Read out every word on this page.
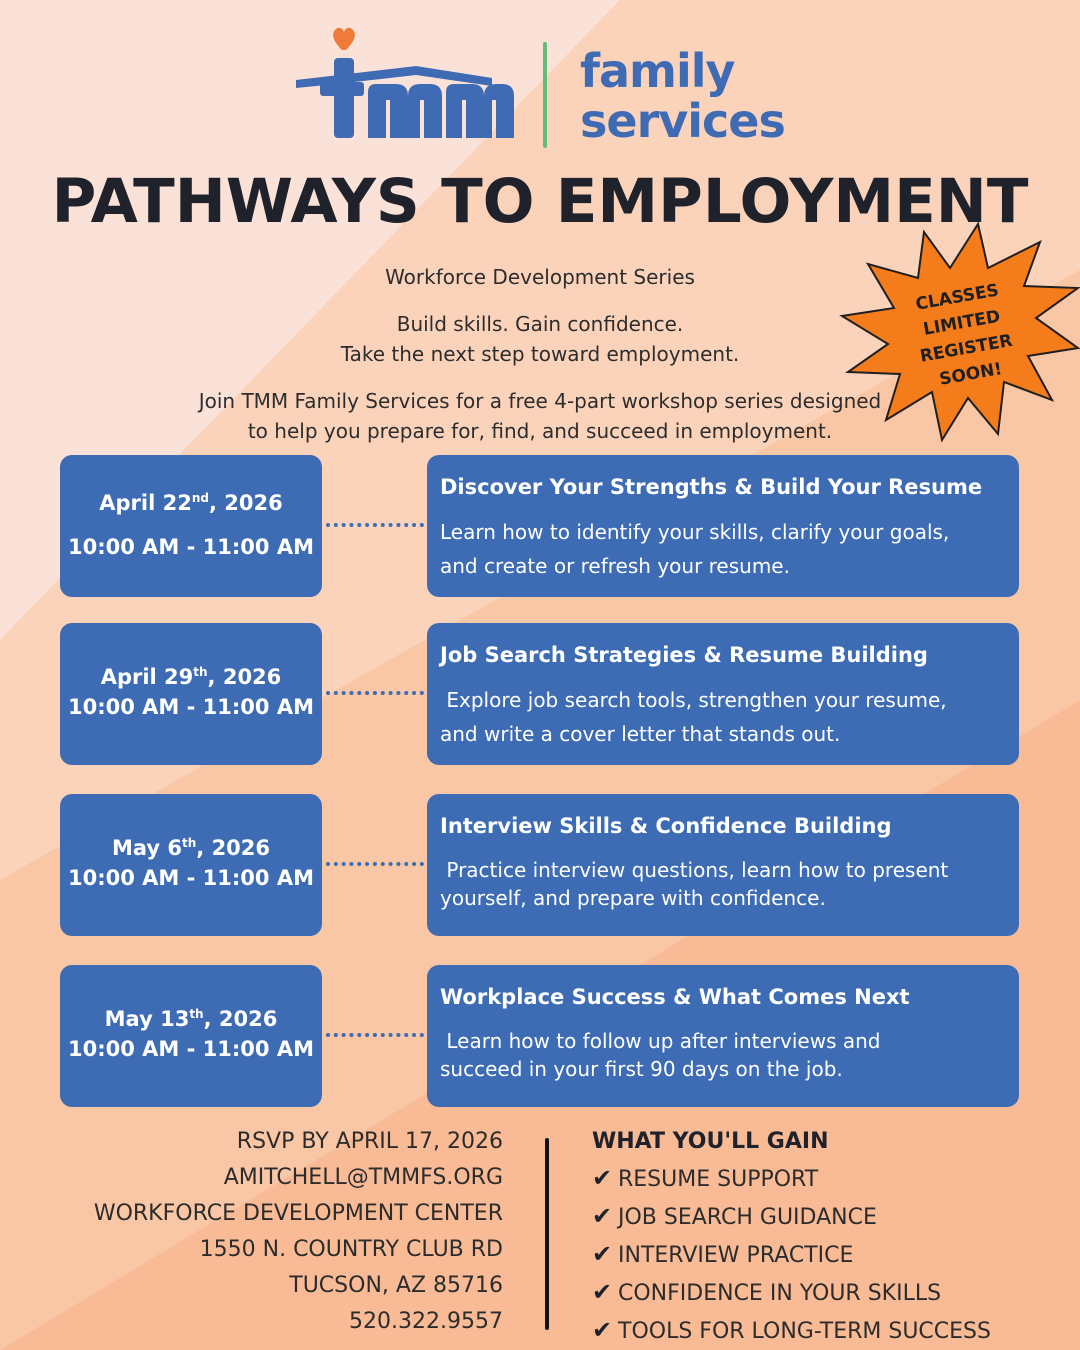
family
services
PATHWAYS TO EMPLOYMENT
Workforce Development Series
Build skills. Gain confidence.
Take the next step toward employment.
Join TMM Family Services for a free 4-part workshop series designed
to help you prepare for, find, and succeed in employment.
CLASSES
LIMITED
REGISTER
SOON!
April 22nd, 2026
10:00 AM - 11:00 AM
Discover Your Strengths & Build Your Resume
Learn how to identify your skills, clarify your goals,
and create or refresh your resume.
April 29th, 2026
10:00 AM - 11:00 AM
Job Search Strategies & Resume Building
Explore job search tools, strengthen your resume,
and write a cover letter that stands out.
May 6th, 2026
10:00 AM - 11:00 AM
Interview Skills & Confidence Building
Practice interview questions, learn how to present
yourself, and prepare with confidence.
May 13th, 2026
10:00 AM - 11:00 AM
Workplace Success & What Comes Next
Learn how to follow up after interviews and
succeed in your first 90 days on the job.
RSVP BY APRIL 17, 2026
AMITCHELL@TMMFS.ORG
WORKFORCE DEVELOPMENT CENTER
1550 N. COUNTRY CLUB RD
TUCSON, AZ 85716
520.322.9557
WHAT YOU'LL GAIN
✔ RESUME SUPPORT
✔ JOB SEARCH GUIDANCE
✔ INTERVIEW PRACTICE
✔ CONFIDENCE IN YOUR SKILLS
✔ TOOLS FOR LONG-TERM SUCCESS
